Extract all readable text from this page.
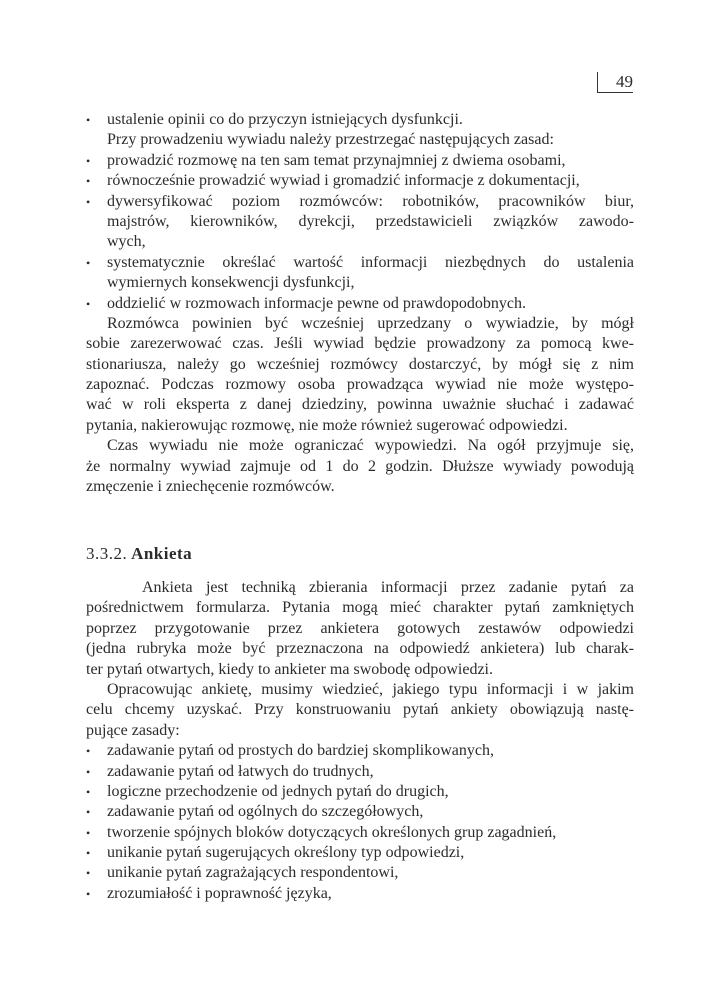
49
• ustalenie opinii co do przyczyn istniejących dysfunkcji.
Przy prowadzeniu wywiadu należy przestrzegać następujących zasad:
• prowadzić rozmowę na ten sam temat przynajmniej z dwiema osobami,
• równocześnie prowadzić wywiad i gromadzić informacje z dokumentacji,
• dywersyfikować poziom rozmówców: robotników, pracowników biur,
majstrów, kierowników, dyrekcji, przedstawicieli związków zawodo-
wych,
• systematycznie określać wartość informacji niezbędnych do ustalenia
wymiernych konsekwencji dysfunkcji,
• oddzielić w rozmowach informacje pewne od prawdopodobnych.
Rozmówca powinien być wcześniej uprzedzany o wywiadzie, by mógł
sobie zarezerwować czas. Jeśli wywiad będzie prowadzony za pomocą kwe-
stionariusza, należy go wcześniej rozmówcy dostarczyć, by mógł się z nim
zapoznać. Podczas rozmowy osoba prowadząca wywiad nie może występo-
wać w roli eksperta z danej dziedziny, powinna uważnie słuchać i zadawać
pytania, nakierowując rozmowę, nie może również sugerować odpowiedzi.
Czas wywiadu nie może ograniczać wypowiedzi. Na ogół przyjmuje się,
że normalny wywiad zajmuje od 1 do 2 godzin. Dłuższe wywiady powodują
zmęczenie i zniechęcenie rozmówców.
3.3.2. Ankieta
Ankieta jest techniką zbierania informacji przez zadanie pytań za
pośrednictwem formularza. Pytania mogą mieć charakter pytań zamkniętych
poprzez przygotowanie przez ankietera gotowych zestawów odpowiedzi
(jedna rubryka może być przeznaczona na odpowiedź ankietera) lub charak-
ter pytań otwartych, kiedy to ankieter ma swobodę odpowiedzi.
Opracowując ankietę, musimy wiedzieć, jakiego typu informacji i w jakim
celu chcemy uzyskać. Przy konstruowaniu pytań ankiety obowiązują nastę-
pujące zasady:
• zadawanie pytań od prostych do bardziej skomplikowanych,
• zadawanie pytań od łatwych do trudnych,
• logiczne przechodzenie od jednych pytań do drugich,
• zadawanie pytań od ogólnych do szczegółowych,
• tworzenie spójnych bloków dotyczących określonych grup zagadnień,
• unikanie pytań sugerujących określony typ odpowiedzi,
• unikanie pytań zagrażających respondentowi,
• zrozumiałość i poprawność języka,
